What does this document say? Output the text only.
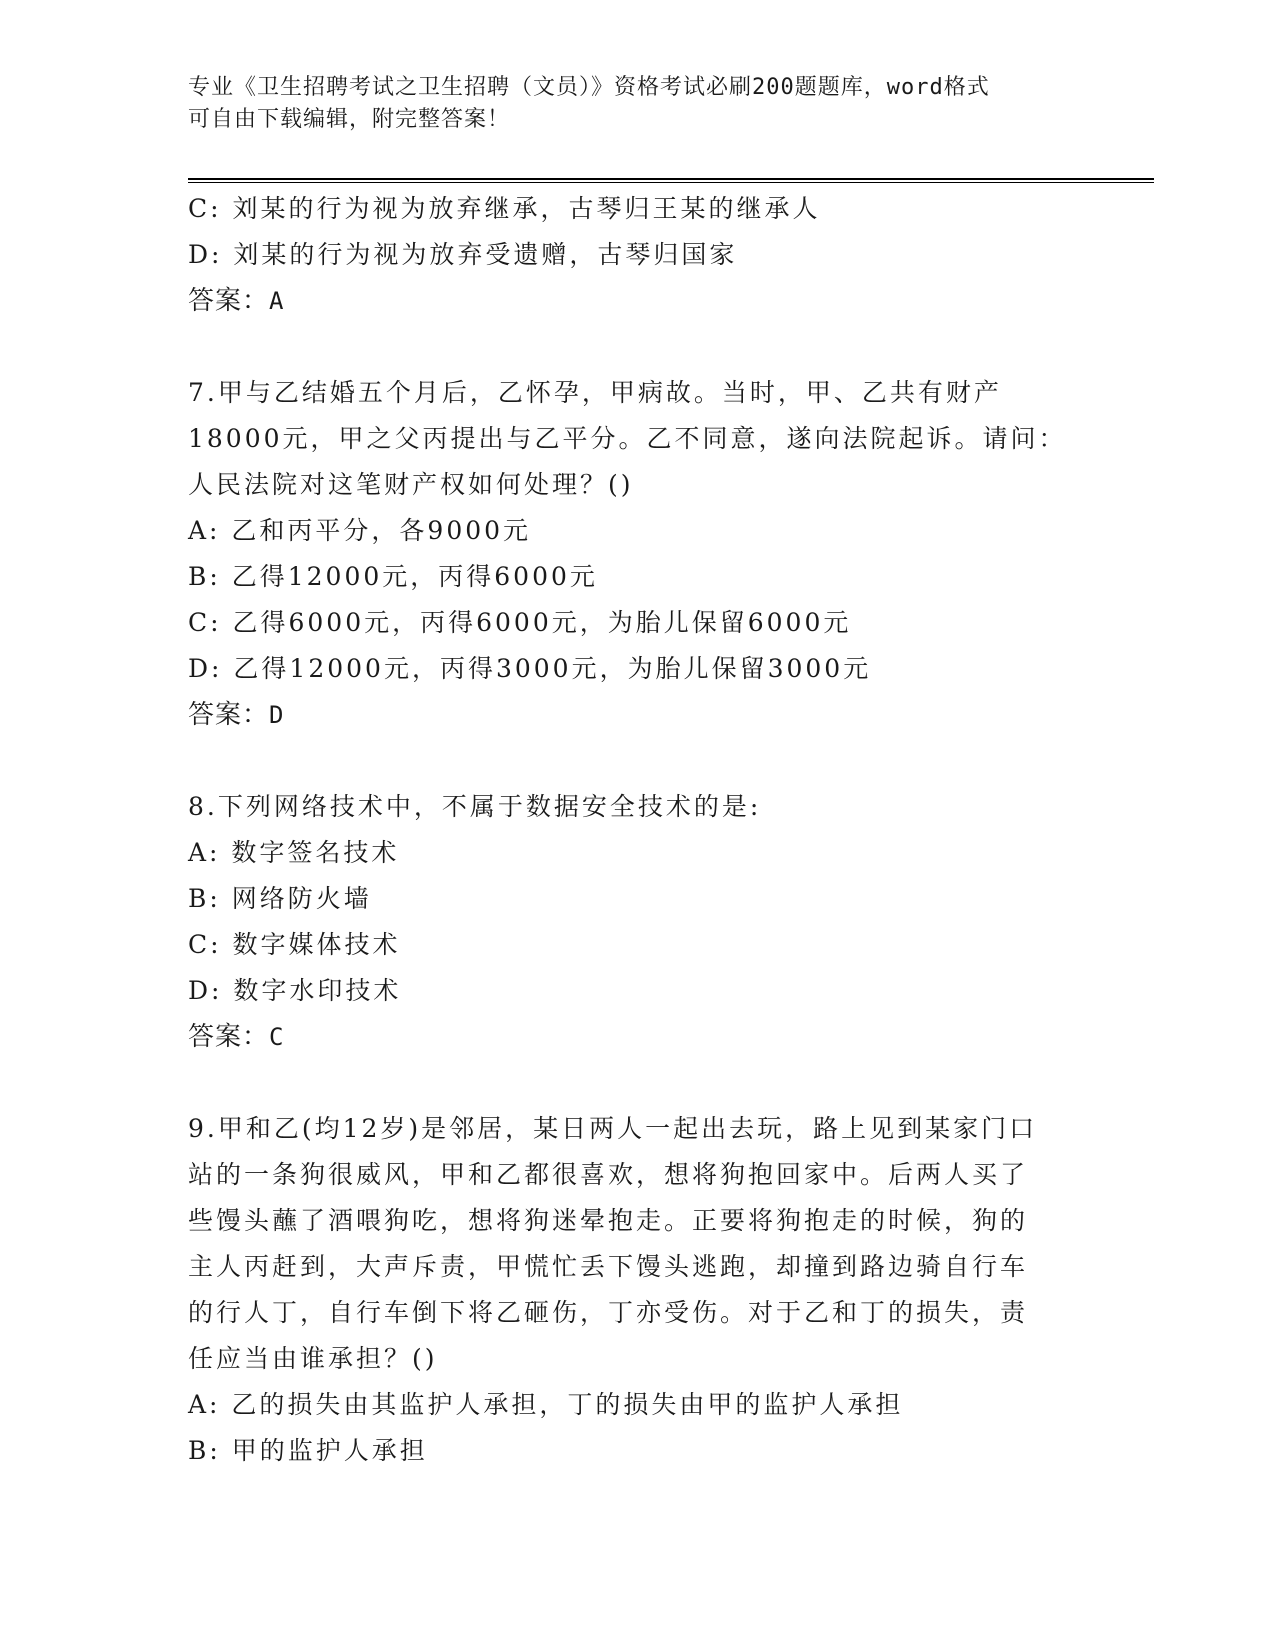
专业《卫生招聘考试之卫生招聘（文员）》资格考试必刷200题题库，word格式
可自由下载编辑，附完整答案！
C: 刘某的行为视为放弃继承，古琴归王某的继承人
D: 刘某的行为视为放弃受遗赠，古琴归国家
答案：A
7.甲与乙结婚五个月后，乙怀孕，甲病故。当时，甲、乙共有财产
18000元，甲之父丙提出与乙平分。乙不同意，遂向法院起诉。请问：
人民法院对这笔财产权如何处理？()
A: 乙和丙平分，各9000元
B: 乙得12000元，丙得6000元
C: 乙得6000元，丙得6000元，为胎儿保留6000元
D: 乙得12000元，丙得3000元，为胎儿保留3000元
答案：D
8.下列网络技术中，不属于数据安全技术的是:
A: 数字签名技术
B: 网络防火墙
C: 数字媒体技术
D: 数字水印技术
答案：C
9.甲和乙(均12岁)是邻居，某日两人一起出去玩，路上见到某家门口
站的一条狗很威风，甲和乙都很喜欢，想将狗抱回家中。后两人买了
些馒头蘸了酒喂狗吃，想将狗迷晕抱走。正要将狗抱走的时候，狗的
主人丙赶到，大声斥责，甲慌忙丢下馒头逃跑，却撞到路边骑自行车
的行人丁，自行车倒下将乙砸伤，丁亦受伤。对于乙和丁的损失，责
任应当由谁承担？()
A: 乙的损失由其监护人承担，丁的损失由甲的监护人承担
B: 甲的监护人承担
